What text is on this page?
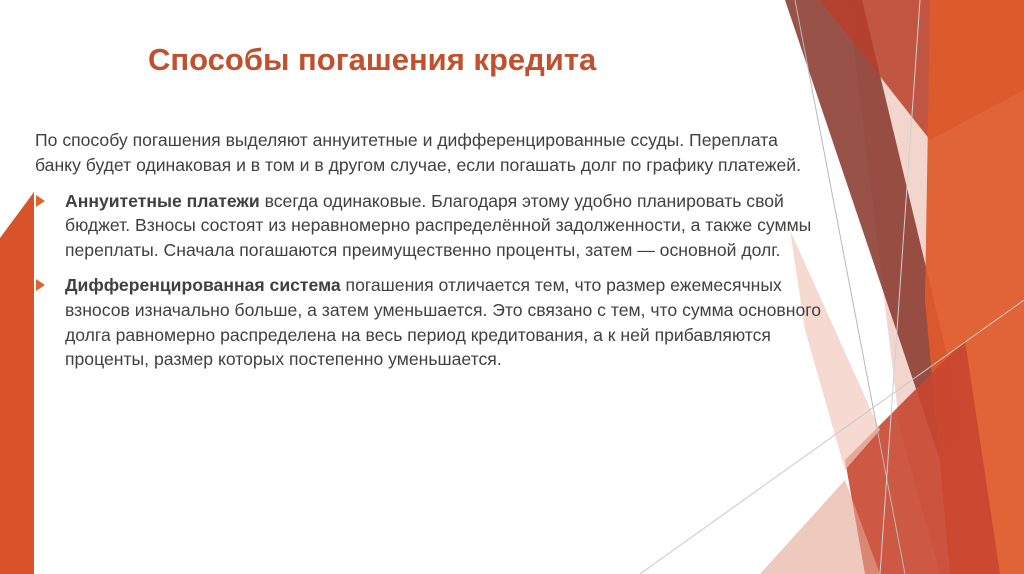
Способы погашения кредита

По способу погашения выделяют аннуитетные и дифференцированные ссуды. Переплата банку будет одинаковая и в том и в другом случае, если погашать долг по графику платежей.

Аннуитетные платежи всегда одинаковые. Благодаря этому удобно планировать свой бюджет. Взносы состоят из неравномерно распределённой задолженности, а также суммы переплаты. Сначала погашаются преимущественно проценты, затем — основной долг.

Дифференцированная система погашения отличается тем, что размер ежемесячных взносов изначально больше, а затем уменьшается. Это связано с тем, что сумма основного долга равномерно распределена на весь период кредитования, а к ней прибавляются проценты, размер которых постепенно уменьшается.
